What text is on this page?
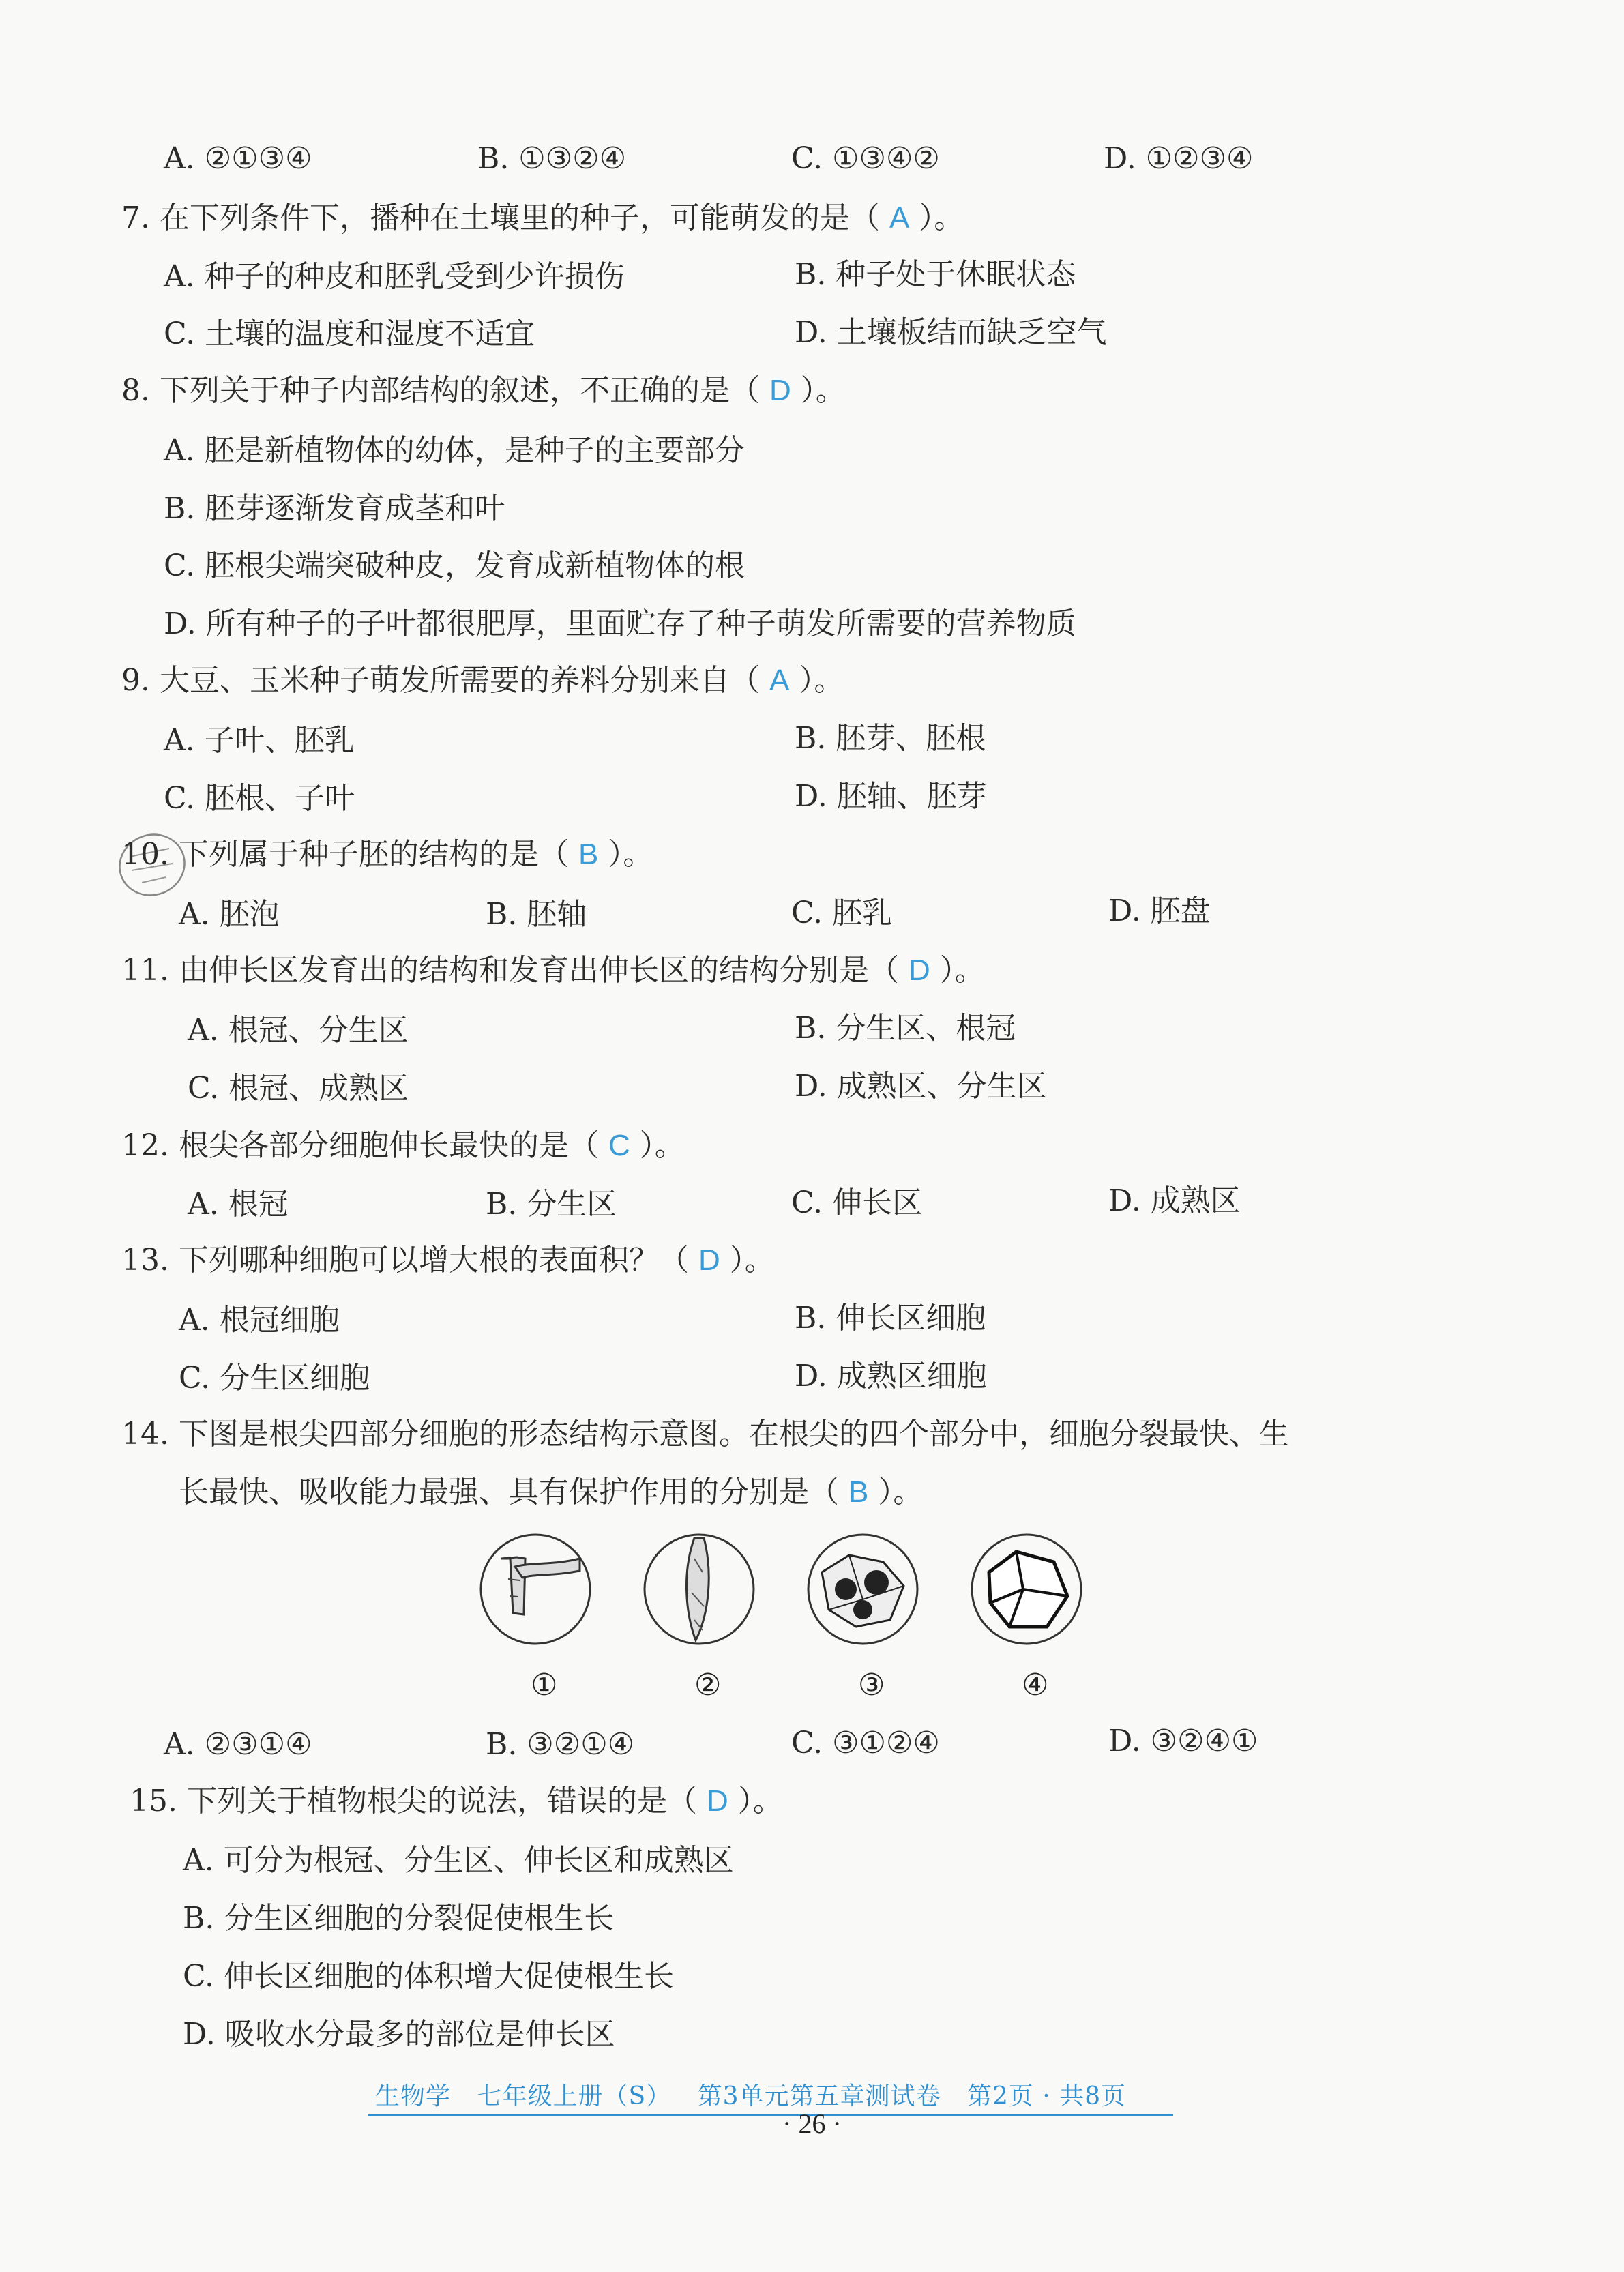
A. ②①③④	B. ①③②④	C. ①③④②	D. ①②③④
7. 在下列条件下，播种在土壤里的种子，可能萌发的是（ A ）。
A. 种子的种皮和胚乳受到少许损伤	B. 种子处于休眠状态
C. 土壤的温度和湿度不适宜	D. 土壤板结而缺乏空气
8. 下列关于种子内部结构的叙述，不正确的是（ D ）。
A. 胚是新植物体的幼体，是种子的主要部分
B. 胚芽逐渐发育成茎和叶
C. 胚根尖端突破种皮，发育成新植物体的根
D. 所有种子的子叶都很肥厚，里面贮存了种子萌发所需要的营养物质
9. 大豆、玉米种子萌发所需要的养料分别来自（ A ）。
A. 子叶、胚乳	B. 胚芽、胚根
C. 胚根、子叶	D. 胚轴、胚芽
10. 下列属于种子胚的结构的是（ B ）。
A. 胚泡	B. 胚轴	C. 胚乳	D. 胚盘
11. 由伸长区发育出的结构和发育出伸长区的结构分别是（ D ）。
A. 根冠、分生区	B. 分生区、根冠
C. 根冠、成熟区	D. 成熟区、分生区
12. 根尖各部分细胞伸长最快的是（ C ）。
A. 根冠	B. 分生区	C. 伸长区	D. 成熟区
13. 下列哪种细胞可以增大根的表面积？（ D ）。
A. 根冠细胞	B. 伸长区细胞
C. 分生区细胞	D. 成熟区细胞
14. 下图是根尖四部分细胞的形态结构示意图。在根尖的四个部分中，细胞分裂最快、生
长最快、吸收能力最强、具有保护作用的分别是（ B ）。
①	②	③	④
A. ②③①④	B. ③②①④	C. ③①②④	D. ③②④①
15. 下列关于植物根尖的说法，错误的是（ D ）。
A. 可分为根冠、分生区、伸长区和成熟区
B. 分生区细胞的分裂促使根生长
C. 伸长区细胞的体积增大促使根生长
D. 吸收水分最多的部位是伸长区
生物学 七年级上册（S） 第3单元第五章测试卷 第2页 · 共8页
· 26 ·
